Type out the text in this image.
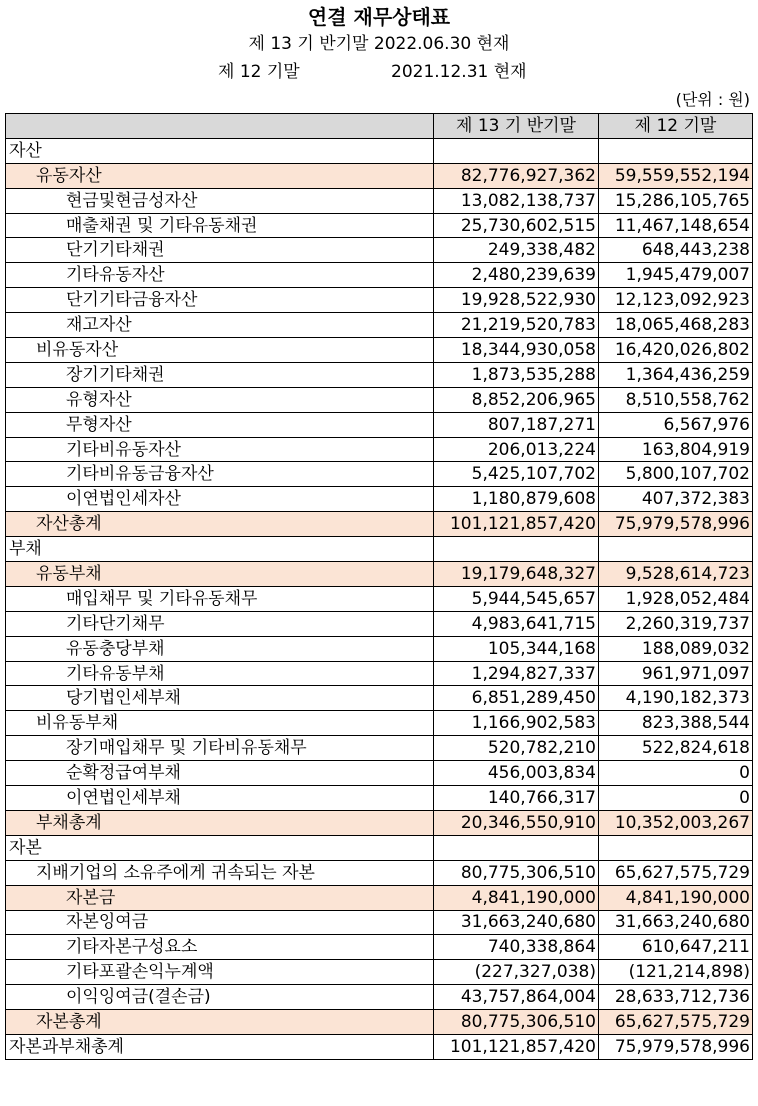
연결 재무상태표
제 13 기 반기말 2022.06.30 현재
제 12 기말	2021.12.31 현재
(단위 : 원)
	제 13 기 반기말	제 12 기말
자산		
유동자산	82,776,927,362	59,559,552,194
현금및현금성자산	13,082,138,737	15,286,105,765
매출채권 및 기타유동채권	25,730,602,515	11,467,148,654
단기기타채권	249,338,482	648,443,238
기타유동자산	2,480,239,639	1,945,479,007
단기기타금융자산	19,928,522,930	12,123,092,923
재고자산	21,219,520,783	18,065,468,283
비유동자산	18,344,930,058	16,420,026,802
장기기타채권	1,873,535,288	1,364,436,259
유형자산	8,852,206,965	8,510,558,762
무형자산	807,187,271	6,567,976
기타비유동자산	206,013,224	163,804,919
기타비유동금융자산	5,425,107,702	5,800,107,702
이연법인세자산	1,180,879,608	407,372,383
자산총계	101,121,857,420	75,979,578,996
부채		
유동부채	19,179,648,327	9,528,614,723
매입채무 및 기타유동채무	5,944,545,657	1,928,052,484
기타단기채무	4,983,641,715	2,260,319,737
유동충당부채	105,344,168	188,089,032
기타유동부채	1,294,827,337	961,971,097
당기법인세부채	6,851,289,450	4,190,182,373
비유동부채	1,166,902,583	823,388,544
장기매입채무 및 기타비유동채무	520,782,210	522,824,618
순확정급여부채	456,003,834	0
이연법인세부채	140,766,317	0
부채총계	20,346,550,910	10,352,003,267
자본		
지배기업의 소유주에게 귀속되는 자본	80,775,306,510	65,627,575,729
자본금	4,841,190,000	4,841,190,000
자본잉여금	31,663,240,680	31,663,240,680
기타자본구성요소	740,338,864	610,647,211
기타포괄손익누계액	(227,327,038)	(121,214,898)
이익잉여금(결손금)	43,757,864,004	28,633,712,736
자본총계	80,775,306,510	65,627,575,729
자본과부채총계	101,121,857,420	75,979,578,996
